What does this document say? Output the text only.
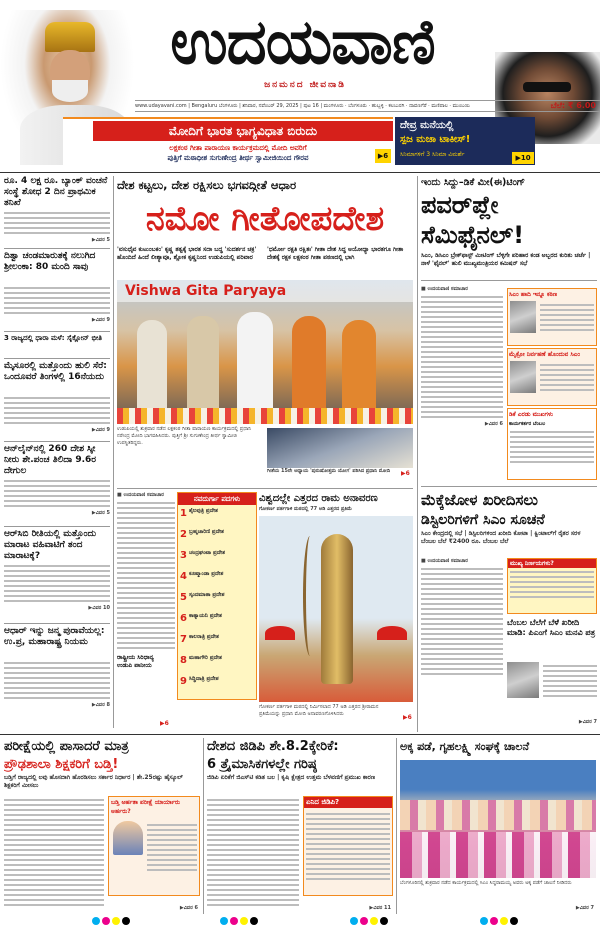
ಉದಯವಾಣಿ
ಜನಮನದ ಜೀವನಾಡಿ
www.udayavani.com | Bengaluru ಬೆಂಗಳೂರು | ಶನಿವಾರ, ನವೆಂಬರ್ 29, 2025 | ಪುಟ 16 | ಮಂಗಳೂರು · ಬೆಂಗಳೂರು · ಹುಬ್ಬಳ್ಳಿ · ಕಲಬುರಗಿ · ದಾವಣಗೆರೆ · ಮಣಿಪಾಲ · ಮುಂಬಯಿ	ಬೆಲೆ: ₹ 6.00
ಮೋದಿಗೆ ಭಾರತ ಭಾಗ್ಯವಿಧಾತ ಬಿರುದು
ಲಕ್ಷಕಂಠ ಗೀತಾ ಪಾರಾಯಣ ಕಾರ್ಯಕ್ರಮದಲ್ಲಿ ಮೋದಿ ಅವರಿಗೆ
ಪುತ್ತಿಗೆ ಮಠಾಧೀಶ ಸುಗುಣೇಂದ್ರ ತೀರ್ಥ ಸ್ವಾಮೀಜಿಯಿಂದ ಗೌರವ	▶6
ದೇವ್ರ ಮನೆಯಲ್ಲಿ
ಸ್ಪಜ ಮಜಾ ಟಾಕೀಸ್!
ಸಿನಿಮಾಗಳಿಗೆ 3 ಸಿನಿಮಾ ವಿಮರ್ಶೆ	▶10
ರೂ. 4 ಲಕ್ಷ ರೂ. ಬ್ಯಾಂಕ್ ವಂಚನೆ ಸಂಸ್ಥೆ ಶೋಧ 2 ದಿನ ಪ್ರಾಥಮಿಕ ತನಿಖೆ
▶ವಿವರ 5
ದಿತ್ವಾ ಚಂಡಮಾರುತಕ್ಕೆ ನಲುಗಿದ ಶ್ರೀಲಂಕಾ: 80 ಮಂದಿ ಸಾವು
▶ವಿವರ 9
3 ರಾಜ್ಯದಲ್ಲಿ ಧಾರಾ ಮಳೆ: ಸೈಕ್ಲೋನ್ ಭೀತಿ
ಮೈಸೂರಲ್ಲಿ ಮತ್ತೊಂದು ಹುಲಿ ಸೆರೆ: ಒಂದೂವರೆ ತಿಂಗಳಲ್ಲಿ 16ನೆಯದು
▶ವಿವರ 9
ಆನ್‌ಲೈನ್‌ನಲ್ಲಿ 260 ದೇಶ ಸ್ಕೀ ನೀರು ಶೇ.ಪಂಚ ತಿಲಿದಾ 9.6ರ ದೇಗುಲ
▶ವಿವರ 5
ಆರ್‌ಸಿಬಿ ರೀತಿಯಲ್ಲಿ ಮತ್ತೊಂದು ಮಾರಾಟ ವಹಿವಾಟಿಗೆ ತಂದ ಮಾರಾಟಕ್ಕೆ?
▶ವಿವರ 10
ಆಧಾರ್ ಇನ್ನು ಜನ್ಮ ಪುರಾವೆಯಲ್ಲ: ಉ.ಪ್ರ, ಮಹಾರಾಷ್ಟ್ರ ನಿಯಮ
▶ವಿವರ 8
ದೇಶ ಕಟ್ಟಲು, ದೇಶ ರಕ್ಷಿಸಲು ಭಗವದ್ಗೀತೆ ಆಧಾರ
ನಮೋ ಗೀತೋಪದೇಶ
'ವಸುಧೈವ ಕುಟುಂಬಕಂ' ಕೃಷ್ಣ ತತ್ವಕ್ಕೆ ಭಾರತ ಸದಾ ಬದ್ಧ 'ಸುದರ್ಶನ ಚಕ್ರ' ಹೊಂದಿದೆ ಹಿಂದೆ ಲೀಶ್ಯಾವೂ, ಶ್ಲೋಕ ಕೃಷ್ಣನಿಂದ ಉಡುಪಿಯಲ್ಲಿ ಪರಿವಾರ
'ಧರ್ಮೋ ರಕ್ಷತಿ ರಕ್ಷಿತಃ' ಗೀತಾ ದೇಶ ಸಿದ್ಧ ಅಯೋಧ್ಯಾ ಭಾರತಗೂ ಗೀತಾ ದೇಶಕ್ಕೆ ರಕ್ಷಕ ಲಕ್ಷಕಂಠ ಗೀತಾ ಪಠಣದಲ್ಲಿ ಭಾಗಿ
Vishwa Gita Paryaya
ಉಡುಪಿಯಲ್ಲಿ ಶುಕ್ರವಾರ ನಡೆದ ಲಕ್ಷಕಂಠ ಗೀತಾ ಪಾರಾಯಣ ಕಾರ್ಯಕ್ರಮದಲ್ಲಿ ಪ್ರಧಾನಿ ನರೇಂದ್ರ ಮೋದಿ ಭಾಗವಹಿಸಿದರು. ಪುತ್ತಿಗೆ ಶ್ರೀ ಸುಗುಣೇಂದ್ರ ತೀರ್ಥ ಸ್ವಾಮೀಜಿ ಉಪಸ್ಥಿತರಿದ್ದರು.
ಗೀತೆಯ 15ನೇ ಅಧ್ಯಾಯ 'ಪುರುಷೋತ್ತಮ ಯೋಗ' ಪಠಿಸಿದ ಪ್ರಧಾನಿ ಮೋದಿ	▶6
■ ಉದಯವಾಣಿ ಸಮಾಚಾರ
ರಾಷ್ಟ್ರೀಯ ಸಿರಿಧಾನ್ಯ
ಉಡುಪಿ ಪಾನೀಯ
▶6
ನವದುರ್ಗಾ ಪದಗಳು
1 ಶೈಲಪುತ್ರಿ ಪ್ರದೇಶ
2 ಬ್ರಹ್ಮಚಾರಿಣಿ ಪ್ರದೇಶ
3 ಚಂದ್ರಘಂಟಾ ಪ್ರದೇಶ
4 ಕೂಷ್ಮಾಂಡಾ ಪ್ರದೇಶ
5 ಸ್ಕಂದಮಾತಾ ಪ್ರದೇಶ
6 ಕಾತ್ಯಾಯನಿ ಪ್ರದೇಶ
7 ಕಾಲರಾತ್ರಿ ಪ್ರದೇಶ
8 ಮಹಾಗೌರಿ ಪ್ರದೇಶ
9 ಸಿದ್ಧಿದಾತ್ರಿ ಪ್ರದೇಶ
ವಿಶ್ವದಲ್ಲೇ ಎತ್ತರದ ರಾಮ ಅನಾವರಣ
ಗೋಕರ್ಣ ಪರ್ತಗಾಳಿ ಮಠದಲ್ಲಿ 77 ಅಡಿ ಎತ್ತರದ ಪ್ರತಿಮೆ
ಗೋಕರ್ಣ ಪರ್ತಗಾಳಿ ಮಠದಲ್ಲಿ ನಿರ್ಮಿಸಲಾದ 77 ಅಡಿ ಎತ್ತರದ ಶ್ರೀರಾಮನ ಪ್ರತಿಮೆಯನ್ನು ಪ್ರಧಾನಿ ಮೋದಿ ಅನಾವರಣಗೊಳಿಸಿದರು	▶6
ಇಂದು ಸಿದ್ದು–ಡಿಕೆ ಮೀ(ಈ)ಟಿಂಗ್
ಪವರ್‌ಪ್ಲೇ ಸೆಮಿಫೈನಲ್!
ಸಿಎಂ, ಡಿಸಿಎಂ ಬ್ರೇಕ್‌ಫಾಸ್ಟ್ ಮೀಟಿಂಗ್ ಬೆಳ್ಳಿಗೇ ಪರಿಹಾರ ಕಂಡ ಅಬ್ಬರದ ಕುರಿತು ಚರ್ಚೆ | ನಾಳೆ 'ಫೈನಲ್' ಹುಲಿ ಮುಖ್ಯಮಂತ್ರಿಯರ ಕಮಿಷನ್ ಸಭೆ
■ ಉದಯವಾಣಿ ಸಮಾಚಾರ
▶ವಿವರ 6
ಸಿಎಂ ಹಾದಿ ಇನ್ನೂ ಕಠಿಣ
ಮೈಕ್ರೋ ನಿರ್ವಹಣೆ ಹೊಂದುವ ಸಿಎಂ
ಡಿಕೆ ಎರಡು ಮುಖಗಳು
ಕಾರ್ಯಕರ್ತರ ಬೆಂಬಲ
ಮೆಕ್ಕೆಜೋಳ ಖರೀದಿಸಲು
ಡಿಸ್ಟಿಲರಿಗಳಿಗೆ ಸಿಎಂ ಸೂಚನೆ
ಸಿಎಂ ಕೇಂದ್ರದಲ್ಲಿ ಸಭೆ | ಡಿಸ್ಟಿಲರಿಗಳಿಂದ ಖರೀದಿ ಕೋಟಾ | ಕ್ವಿಂಟಾಲ್‌ಗೆ ರೈತರ ಸರಳ ಬೆಂಬಲ ಬೆಲೆ ₹2400 ರೂ. ಬೆಂಬಲ ಬೆಲೆ
■ ಉದಯವಾಣಿ ಸಮಾಚಾರ	ಮುಖ್ಯ ನಿರ್ಣಯಗಳು?
ಬೆಂಬಲ ಬೆಲೆಗೆ ಬೆಳೆ ಖರೀದಿ ಮಾಡಿ: ಪಿಎಂಗೆ ಸಿಎಂ ಮನವಿ ಪತ್ರ
▶ವಿವರ 7
ಪರೀಕ್ಷೆಯಲ್ಲಿ ಪಾಸಾದರೆ ಮಾತ್ರ
ಪ್ರೌಢಶಾಲಾ ಶಿಕ್ಷಕರಿಗೆ ಬಡ್ತಿ!
ಬಡ್ತಿಗೆ ರಾಜ್ಯದಲ್ಲಿ ಲವು ಹೊಸದಾಗಿ ಹೊರಡಿಸಲು ಸರ್ಕಾರ ನಿರ್ಧಾರ | ಶೇ.25ರಷ್ಟು ಹೈಸ್ಕೂಲ್ ಶಿಕ್ಷಕರಿಗೆ ಮೀಸಲು
ಬಡ್ತಿ ಅರ್ಹತಾ ಪರೀಕ್ಷೆ ಯಾರ್ಯಾರು ಅರ್ಹರು?
▶ವಿವರ 6
ದೇಶದ ಜಿಡಿಪಿ ಶೇ.8.2ಕ್ಕೇರಿಕೆ:
6 ತ್ರೈಮಾಸಿಕಗಳಲ್ಲೇ ಗರಿಷ್ಠ
ಜಿಡಿಪಿ ಏರಿಕೆಗೆ ಜಿಎಸ್‌ಟಿ ಕಡಿತ ಬಲ | ಕೃಷಿ ಕ್ಷೇತ್ರದ ಉತ್ತಮ ಬೆಳವಣಿಗೆ ಪ್ರಮುಖ ಕಾರಣ
ಏನಿದ ಜಿಡಿಪಿ?
▶ವಿವರ 11
ಅಕ್ಕ ಪಡೆ, ಗೃಹಲಕ್ಷ್ಮಿ ಸಂಘಕ್ಕೆ ಚಾಲನೆ
ಬೆಂಗಳೂರಿನಲ್ಲಿ ಶುಕ್ರವಾರ ನಡೆದ ಕಾರ್ಯಕ್ರಮದಲ್ಲಿ ಸಿಎಂ ಸಿದ್ದರಾಮಯ್ಯ ಅವರು ಅಕ್ಕ ಪಡೆಗೆ ಚಾಲನೆ ನೀಡಿದರು
▶ವಿವರ 7
